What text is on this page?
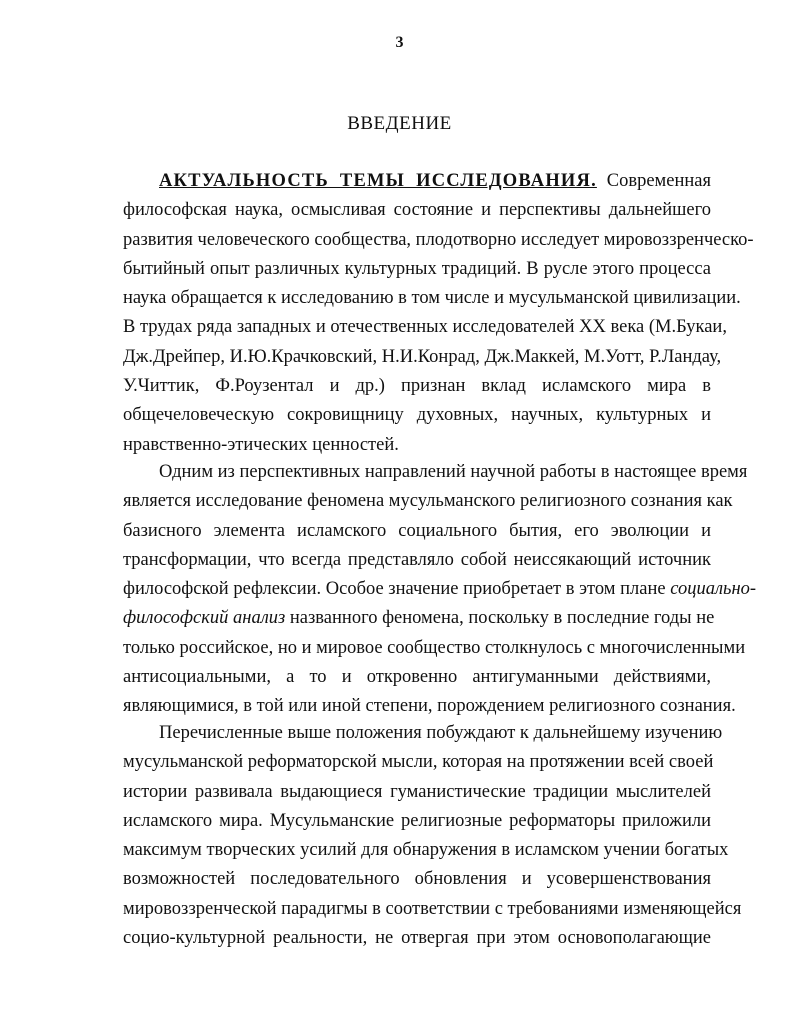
3
ВВЕДЕНИЕ
АКТУАЛЬНОСТЬ ТЕМЫ ИССЛЕДОВАНИЯ. Современная
философская наука, осмысливая состояние и перспективы дальнейшего
развития человеческого сообщества, плодотворно исследует мировоззренческо-
бытийный опыт различных культурных традиций. В русле этого процесса
наука обращается к исследованию в том числе и мусульманской цивилизации.
В трудах ряда западных и отечественных исследователей XX века (М.Букаи,
Дж.Дрейпер, И.Ю.Крачковский, Н.И.Конрад, Дж.Маккей, М.Уотт, Р.Ландау,
У.Читтик, Ф.Роузентал и др.) признан вклад исламского мира в
общечеловеческую сокровищницу духовных, научных, культурных и
нравственно-этических ценностей.
Одним из перспективных направлений научной работы в настоящее время
является исследование феномена мусульманского религиозного сознания как
базисного элемента исламского социального бытия, его эволюции и
трансформации, что всегда представляло собой неиссякающий источник
философской рефлексии. Особое значение приобретает в этом плане социально-
философский анализ названного феномена, поскольку в последние годы не
только российское, но и мировое сообщество столкнулось с многочисленными
антисоциальными, а то и откровенно антигуманными действиями,
являющимися, в той или иной степени, порождением религиозного сознания.
Перечисленные выше положения побуждают к дальнейшему изучению
мусульманской реформаторской мысли, которая на протяжении всей своей
истории развивала выдающиеся гуманистические традиции мыслителей
исламского мира. Мусульманские религиозные реформаторы приложили
максимум творческих усилий для обнаружения в исламском учении богатых
возможностей последовательного обновления и усовершенствования
мировоззренческой парадигмы в соответствии с требованиями изменяющейся
социо-культурной реальности, не отвергая при этом основополагающие
